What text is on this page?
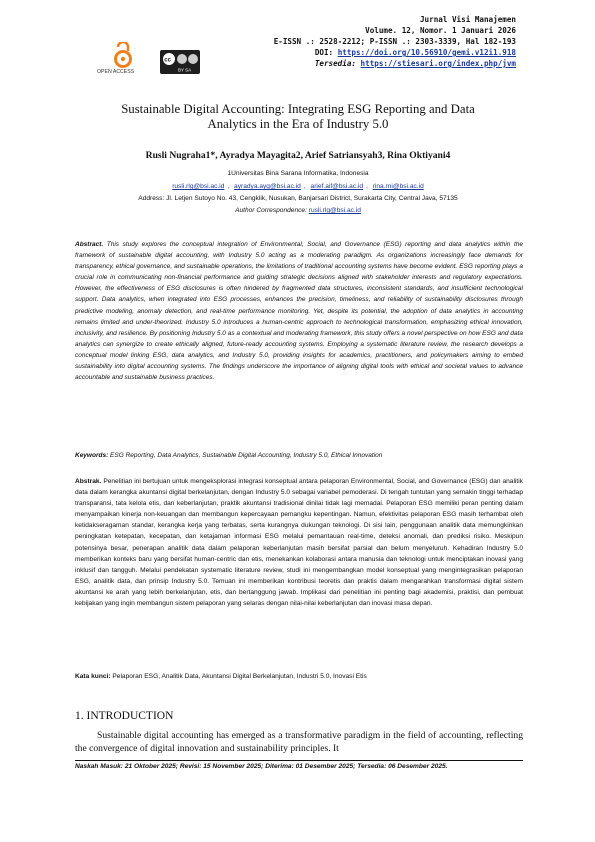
Jurnal Visi Manajemen
Volume. 12, Nomor. 1 Januari 2026
E-ISSN .: 2528-2212; P-ISSN .: 2303-3339, Hal 182-193
DOI: https://doi.org/10.56910/gemi.v12i1.918
Tersedia: https://stiesari.org/index.php/jvm
OPEN ACCESS
cc
BY SA
Sustainable Digital Accounting: Integrating ESG Reporting and Data
Analytics in the Era of Industry 5.0
Rusli Nugraha1*, Ayradya Mayagita2, Arief Satriansyah3, Rina Oktiyani4
1Universitas Bina Sarana Informatika, Indonesia
rusli.rlg@bsi.ac.id , ayradya.ayg@bsi.ac.id , arief.aif@bsi.ac.id , rina.rni@bsi.ac.id
Address: Jl. Letjen Sutoyo No. 43, Cengklik, Nusukan, Banjarsari District, Surakarta City, Central Java, 57135
Author Correspondence: rusli.rlg@bsi.ac.id
Abstract. This study explores the conceptual integration of Environmental, Social, and Governance (ESG) reporting and data analytics within the framework of sustainable digital accounting, with Industry 5.0 acting as a moderating paradigm. As organizations increasingly face demands for transparency, ethical governance, and sustainable operations, the limitations of traditional accounting systems have become evident. ESG reporting plays a crucial role in communicating non-financial performance and guiding strategic decisions aligned with stakeholder interests and regulatory expectations. However, the effectiveness of ESG disclosures is often hindered by fragmented data structures, inconsistent standards, and insufficient technological support. Data analytics, when integrated into ESG processes, enhances the precision, timeliness, and reliability of sustainability disclosures through predictive modeling, anomaly detection, and real-time performance monitoring. Yet, despite its potential, the adoption of data analytics in accounting remains limited and under-theorized. Industry 5.0 introduces a human-centric approach to technological transformation, emphasizing ethical innovation, inclusivity, and resilience. By positioning Industry 5.0 as a contextual and moderating framework, this study offers a novel perspective on how ESG and data analytics can synergize to create ethically aligned, future-ready accounting systems. Employing a systematic literature review, the research develops a conceptual model linking ESG, data analytics, and Industry 5.0, providing insights for academics, practitioners, and policymakers aiming to embed sustainability into digital accounting systems. The findings underscore the importance of aligning digital tools with ethical and societal values to advance accountable and sustainable business practices.
Keywords: ESG Reporting, Data Analytics, Sustainable Digital Accounting, Industry 5.0, Ethical Innovation
Abstrak. Penelitian ini bertujuan untuk mengeksplorasi integrasi konseptual antara pelaporan Environmental, Social, and Governance (ESG) dan analitik data dalam kerangka akuntansi digital berkelanjutan, dengan Industry 5.0 sebagai variabel pemoderasi. Di tengah tuntutan yang semakin tinggi terhadap transparansi, tata kelola etis, dan keberlanjutan, praktik akuntansi tradisional dinilai tidak lagi memadai. Pelaporan ESG memiliki peran penting dalam menyampaikan kinerja non-keuangan dan membangun kepercayaan pemangku kepentingan. Namun, efektivitas pelaporan ESG masih terhambat oleh ketidakseragaman standar, kerangka kerja yang terbatas, serta kurangnya dukungan teknologi. Di sisi lain, penggunaan analitik data memungkinkan peningkatan ketepatan, kecepatan, dan ketajaman informasi ESG melalui pemantauan real-time, deteksi anomali, dan prediksi risiko. Meskipun potensinya besar, penerapan analitik data dalam pelaporan keberlanjutan masih bersifat parsial dan belum menyeluruh. Kehadiran Industry 5.0 memberikan konteks baru yang bersifat human-centric dan etis, menekankan kolaborasi antara manusia dan teknologi untuk menciptakan inovasi yang inklusif dan tangguh. Melalui pendekatan systematic literature review, studi ini mengembangkan model konseptual yang mengintegrasikan pelaporan ESG, analitik data, dan prinsip Industry 5.0. Temuan ini memberikan kontribusi teoretis dan praktis dalam mengarahkan transformasi digital sistem akuntansi ke arah yang lebih berkelanjutan, etis, dan bertanggung jawab. Implikasi dari penelitian ini penting bagi akademisi, praktisi, dan pembuat kebijakan yang ingin membangun sistem pelaporan yang selaras dengan nilai-nilai keberlanjutan dan inovasi masa depan.
Kata kunci: Pelaporan ESG, Analitik Data, Akuntansi Digital Berkelanjutan, Industri 5.0, Inovasi Etis
1. INTRODUCTION
Sustainable digital accounting has emerged as a transformative paradigm in the field of accounting, reflecting the convergence of digital innovation and sustainability principles. It
Naskah Masuk: 21 Oktober 2025; Revisi: 15 November 2025; Diterima: 01 Desember 2025; Tersedia: 06 Desember 2025.
